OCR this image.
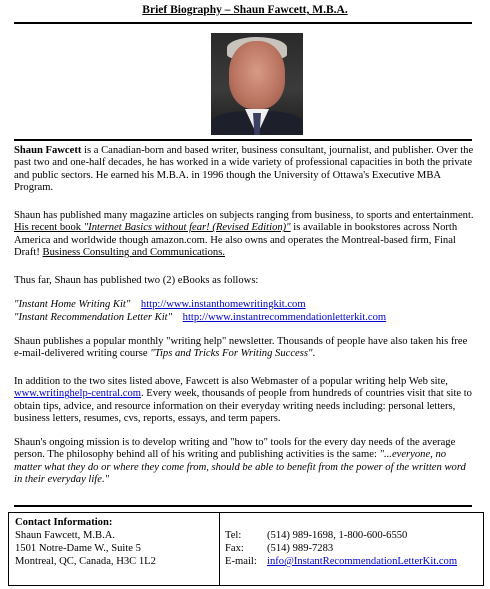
Brief Biography – Shaun Fawcett, M.B.A.

Shaun Fawcett is a Canadian-born and based writer, business consultant, journalist, and publisher. Over the past two and one-half decades, he has worked in a wide variety of professional capacities in both the private and public sectors. He earned his M.B.A. in 1996 though the University of Ottawa's Executive MBA Program.

Shaun has published many magazine articles on subjects ranging from business, to sports and entertainment. His recent book "Internet Basics without fear! (Revised Edition)" is available in bookstores across North America and worldwide though amazon.com. He also owns and operates the Montreal-based firm, Final Draft! Business Consulting and Communications.

Thus far, Shaun has published two (2) eBooks as follows:

"Instant Home Writing Kit" http://www.instanthomewritingkit.com
"Instant Recommendation Letter Kit" http://www.instantrecommendationletterkit.com

Shaun publishes a popular monthly "writing help" newsletter. Thousands of people have also taken his free e-mail-delivered writing course "Tips and Tricks For Writing Success".

In addition to the two sites listed above, Fawcett is also Webmaster of a popular writing help Web site, www.writinghelp-central.com. Every week, thousands of people from hundreds of countries visit that site to obtain tips, advice, and resource information on their everyday writing needs including: personal letters, business letters, resumes, cvs, reports, essays, and term papers.

Shaun's ongoing mission is to develop writing and "how to" tools for the every day needs of the average person. The philosophy behind all of his writing and publishing activities is the same: "...everyone, no matter what they do or where they come from, should be able to benefit from the power of the written word in their everyday life."

Contact Information:
Shaun Fawcett, M.B.A.
1501 Notre-Dame W., Suite 5
Montreal, QC, Canada, H3C 1L2
Tel: (514) 989-1698, 1-800-600-6550
Fax: (514) 989-7283
E-mail: info@InstantRecommendationLetterKit.com
